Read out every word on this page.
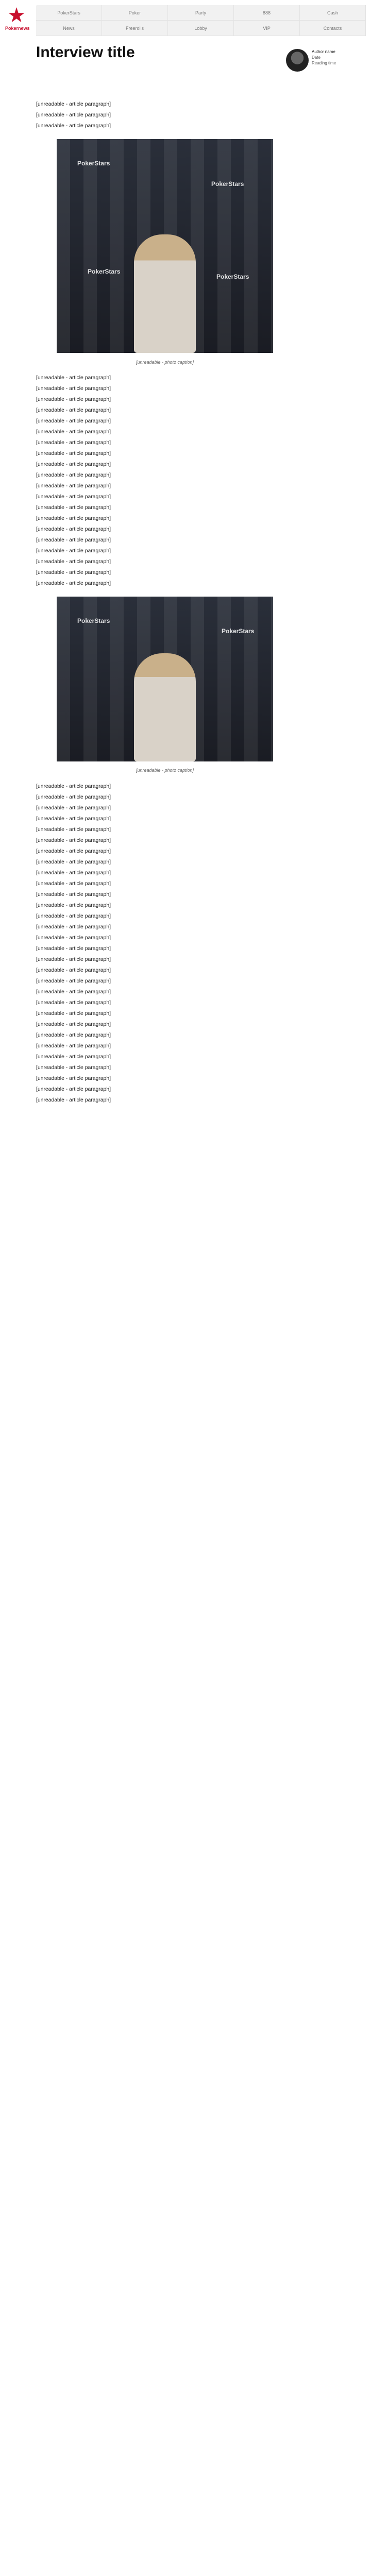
★
Pokernews
PokerStars	Poker	Party	888	Cash
News	Freerolls	Lobby	VIP	Contacts
Interview title	Author name
Date
Reading time

[unreadable - article paragraph]

[unreadable - article paragraph]

[unreadable - article paragraph]

PokerStars
PokerStars
PokerStars
PokerStars
[unreadable - photo caption]

[unreadable - article paragraph]

[unreadable - article paragraph]

[unreadable - article paragraph]

[unreadable - article paragraph]

[unreadable - article paragraph]

[unreadable - article paragraph]

[unreadable - article paragraph]

[unreadable - article paragraph]

[unreadable - article paragraph]

[unreadable - article paragraph]

[unreadable - article paragraph]

[unreadable - article paragraph]

[unreadable - article paragraph]

[unreadable - article paragraph]

[unreadable - article paragraph]

[unreadable - article paragraph]

[unreadable - article paragraph]

[unreadable - article paragraph]

[unreadable - article paragraph]

[unreadable - article paragraph]

PokerStars
PokerStars
[unreadable - photo caption]

[unreadable - article paragraph]

[unreadable - article paragraph]

[unreadable - article paragraph]

[unreadable - article paragraph]

[unreadable - article paragraph]

[unreadable - article paragraph]

[unreadable - article paragraph]

[unreadable - article paragraph]

[unreadable - article paragraph]

[unreadable - article paragraph]

[unreadable - article paragraph]

[unreadable - article paragraph]

[unreadable - article paragraph]

[unreadable - article paragraph]

[unreadable - article paragraph]

[unreadable - article paragraph]

[unreadable - article paragraph]

[unreadable - article paragraph]

[unreadable - article paragraph]

[unreadable - article paragraph]

[unreadable - article paragraph]

[unreadable - article paragraph]

[unreadable - article paragraph]

[unreadable - article paragraph]

[unreadable - article paragraph]

[unreadable - article paragraph]

[unreadable - article paragraph]

[unreadable - article paragraph]

[unreadable - article paragraph]

[unreadable - article paragraph]
